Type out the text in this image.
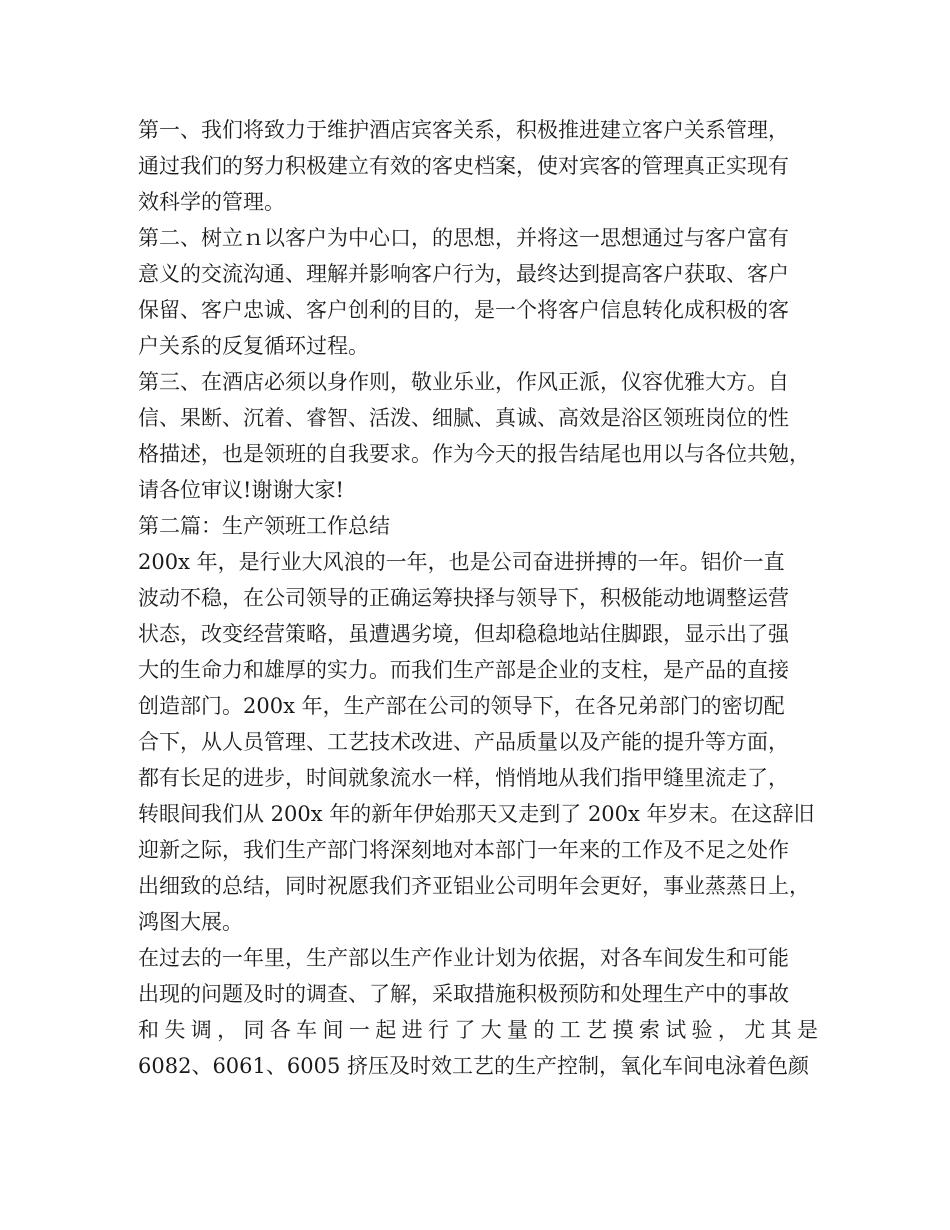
第一、我们将致力于维护酒店宾客关系，积极推进建立客户关系管理，
通过我们的努力积极建立有效的客史档案，使对宾客的管理真正实现有
效科学的管理。
第二、树立ｎ以客户为中心口，的思想，并将这一思想通过与客户富有
意义的交流沟通、理解并影响客户行为，最终达到提高客户获取、客户
保留、客户忠诚、客户创利的目的，是一个将客户信息转化成积极的客
户关系的反复循环过程。
第三、在酒店必须以身作则，敬业乐业，作风正派，仪容优雅大方。自
信、果断、沉着、睿智、活泼、细腻、真诚、高效是浴区领班岗位的性
格描述，也是领班的自我要求。作为今天的报告结尾也用以与各位共勉，
请各位审议!谢谢大家!
第二篇：生产领班工作总结
200x 年，是行业大风浪的一年，也是公司奋进拼搏的一年。铝价一直
波动不稳，在公司领导的正确运筹抉择与领导下，积极能动地调整运营
状态，改变经营策略，虽遭遇劣境，但却稳稳地站住脚跟，显示出了强
大的生命力和雄厚的实力。而我们生产部是企业的支柱，是产品的直接
创造部门。200x 年，生产部在公司的领导下，在各兄弟部门的密切配
合下，从人员管理、工艺技术改进、产品质量以及产能的提升等方面，
都有长足的进步，时间就象流水一样，悄悄地从我们指甲缝里流走了，
转眼间我们从 200x 年的新年伊始那天又走到了 200x 年岁末。在这辞旧
迎新之际，我们生产部门将深刻地对本部门一年来的工作及不足之处作
出细致的总结，同时祝愿我们齐亚铝业公司明年会更好，事业蒸蒸日上，
鸿图大展。
在过去的一年里，生产部以生产作业计划为依据，对各车间发生和可能
出现的问题及时的调查、了解，采取措施积极预防和处理生产中的事故
和失调，同各车间一起进行了大量的工艺摸索试验，尤其是
6082、6061、6005 挤压及时效工艺的生产控制，氧化车间电泳着色颜
